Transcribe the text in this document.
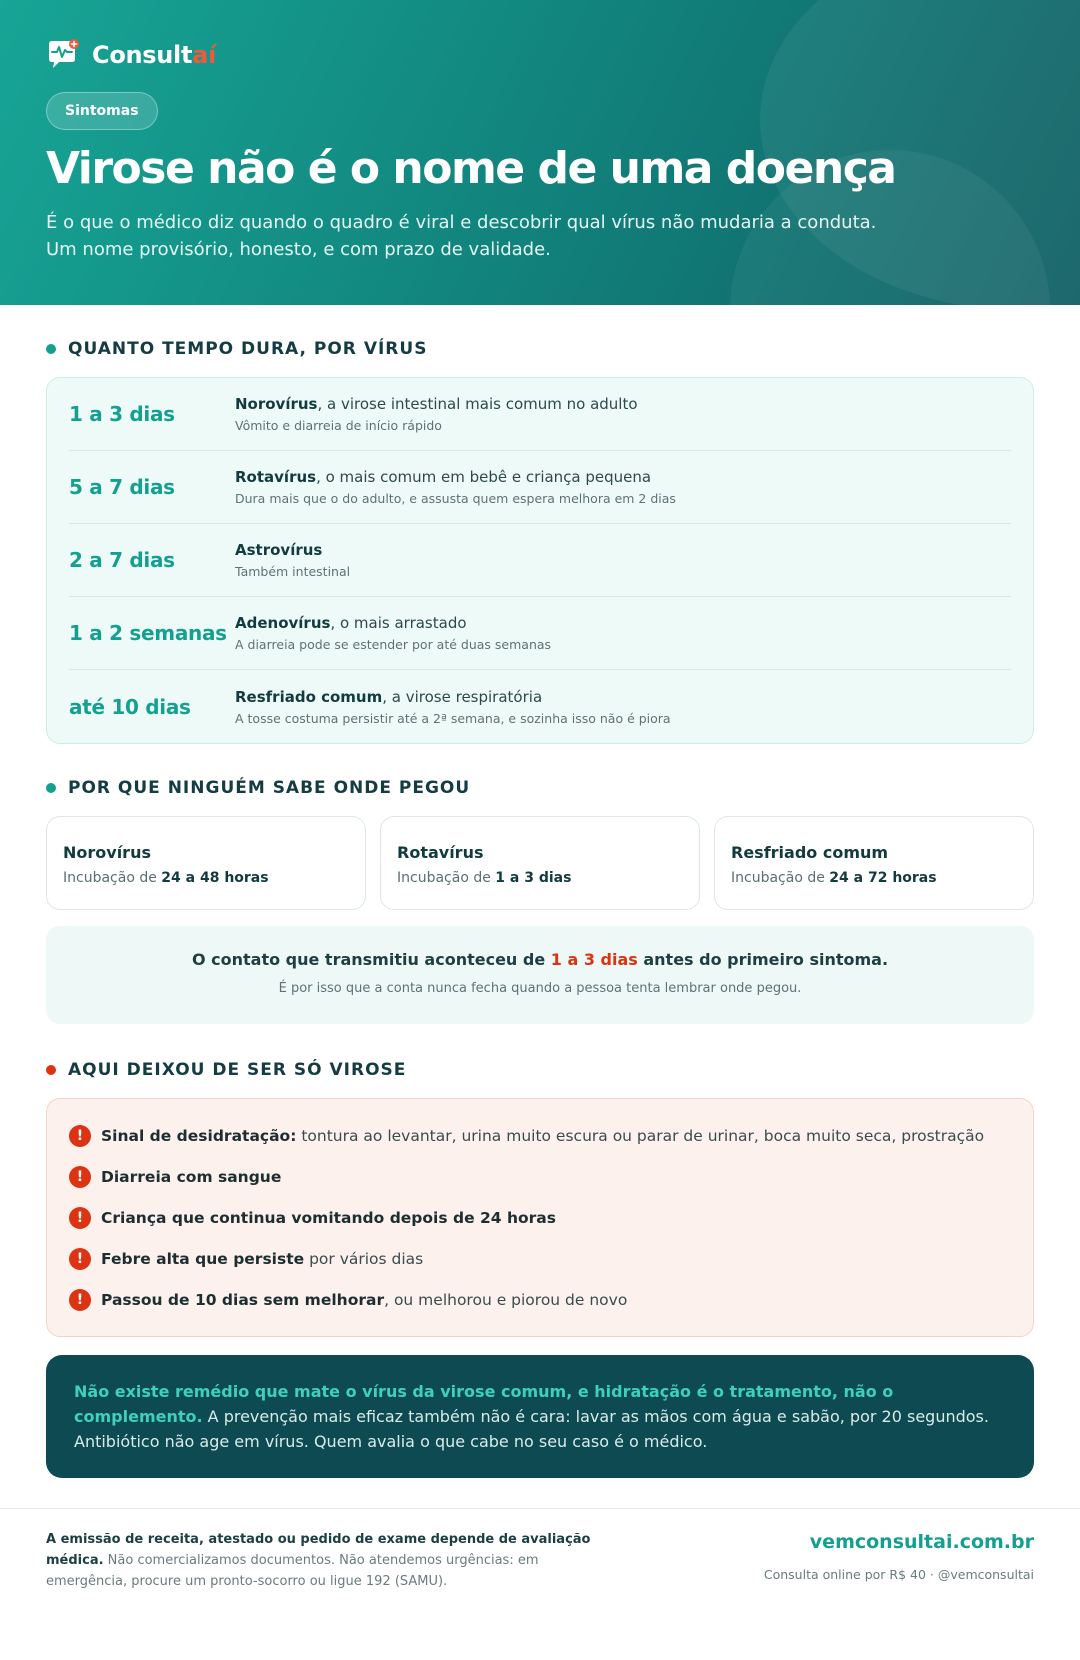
Consultaí
Sintomas
Virose não é o nome de uma doença

É o que o médico diz quando o quadro é viral e descobrir qual vírus não mudaria a conduta. Um nome provisório, honesto, e com prazo de validade.

QUANTO TEMPO DURA, POR VÍRUS
1 a 3 dias	Norovírus, a virose intestinal mais comum no adulto
Vômito e diarreia de início rápido
5 a 7 dias	Rotavírus, o mais comum em bebê e criança pequena
Dura mais que o do adulto, e assusta quem espera melhora em 2 dias
2 a 7 dias	Astrovírus
Também intestinal
1 a 2 semanas Adenovírus, o mais arrastado
A diarreia pode se estender por até duas semanas
até 10 dias	Resfriado comum, a virose respiratória
A tosse costuma persistir até a 2ª semana, e sozinha isso não é piora
POR QUE NINGUÉM SABE ONDE PEGOU
Norovírus
Incubação de 24 a 48 horas
Rotavírus
Incubação de 1 a 3 dias
Resfriado comum
Incubação de 24 a 72 horas
O contato que transmitiu aconteceu de 1 a 3 dias antes do primeiro sintoma.
É por isso que a conta nunca fecha quando a pessoa tenta lembrar onde pegou.
AQUI DEIXOU DE SER SÓ VIROSE
!	Sinal de desidratação: tontura ao levantar, urina muito escura ou parar de urinar, boca muito seca, prostração
!	Diarreia com sangue
!	Criança que continua vomitando depois de 24 horas
!	Febre alta que persiste por vários dias
!	Passou de 10 dias sem melhorar, ou melhorou e piorou de novo
Não existe remédio que mate o vírus da virose comum, e hidratação é o tratamento, não o complemento. A prevenção mais eficaz também não é cara: lavar as mãos com água e sabão, por 20 segundos. Antibiótico não age em vírus. Quem avalia o que cabe no seu caso é o médico.

A emissão de receita, atestado ou pedido de exame depende de avaliação médica. Não comercializamos documentos. Não atendemos urgências: em emergência, procure um pronto-socorro ou ligue 192 (SAMU).

vemconsultai.com.br
Consulta online por R$ 40 · @vemconsultai
